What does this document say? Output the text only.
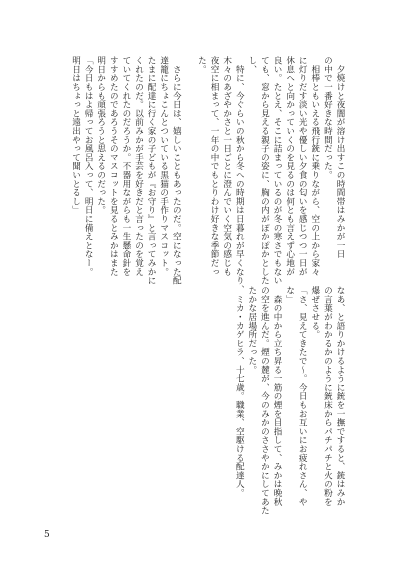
　夕焼けと夜闇が溶け出すこの時間帯はみかが一日
の中で一番好きな時間だった。
　相棒ともいえる飛行銃に乗りながら、空の上から家々
に灯りだす淡い光や優しい夕食の匂いを感じつつ一日が
休息へと向かっていくのを見るのは何とも言えず心地が
良い。たとえ、そこに詰まっているのが冬の寒さでもない
ても、窓から見える親子の姿に、胸の内がぽかぽかとした
し、
　特に、今ぐらいの秋から冬への時期は日暮れが早くなり、
木々のあざやかさと一日ごとに澄んでいく空気の感じも
夜空に相まって、一年の中でもとりわけ好きな季節だっ
た。

　さらに今日は、嬉しいこともあったのだ。空になった配
達籠にちょこんとついている黒猫の手作りマスコット。
たまに配達に行く家の子どもが『お守り』と言ってみかに
くれたのだ。以前みかが手芸を好きだと言ったのを覚え
ていてくれたのだろうか。不器用ながらも一生懸命針を
すすめたのであろうそのマスコットを見るとみかはまた
明日からも頑張ろうと思えるのだった。
「今日もはよ帰ってお風呂入って、明日に備えとなー。
明日はちょっと遠出やって聞いとるし」
なあ、と語りかけるように銃を一撫ですると、銃はみか
の言葉がわかるかのように銃床からパチパチと火の粉を
爆ぜさせる。
「さ、見えてきたで〜。今日もお互いにお疲れさん、や
な」
　森の中から立ち昇る一筋の煙を目指して、みかは晩秋
の空を進んだ。煙の麓が、今のみかのささやかにしてあた
たかな居場所だった。
　ミカ・カゲヒラ、十七歳。職業、空駆ける配達人。
5
